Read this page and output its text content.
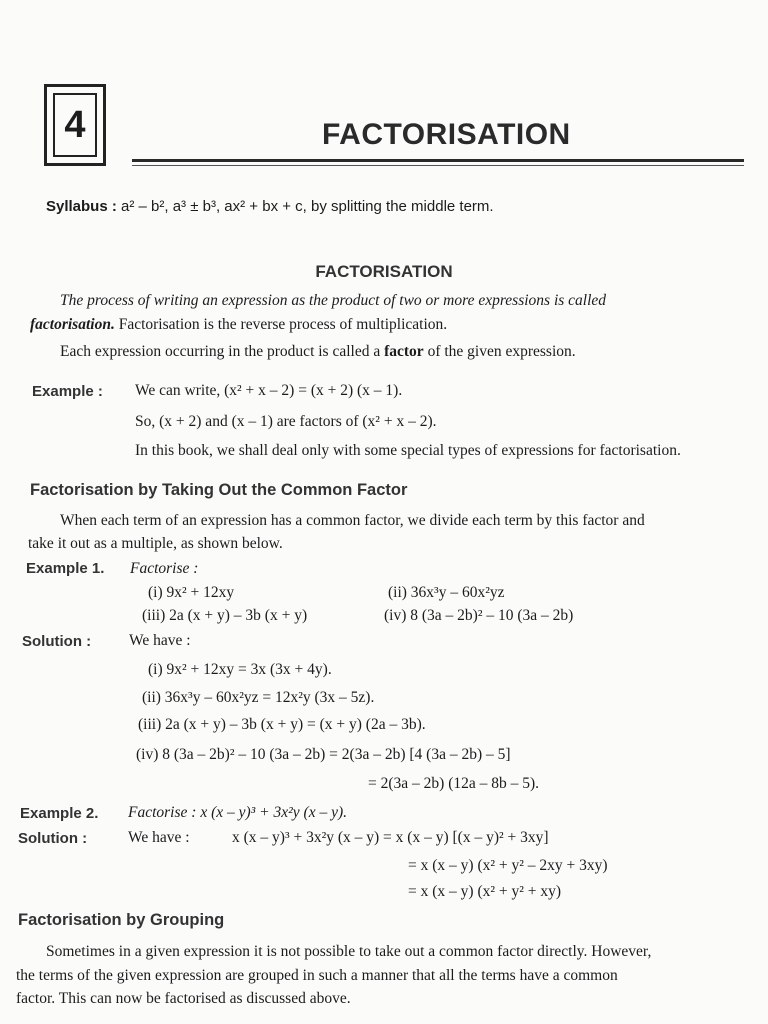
4	FACTORISATION
Syllabus : a² – b², a³ ± b³, ax² + bx + c, by splitting the middle term.
FACTORISATION
The process of writing an expression as the product of two or more expressions is called
factorisation. Factorisation is the reverse process of multiplication.
Each expression occurring in the product is called a factor of the given expression.
Example : We can write, (x² + x – 2) = (x + 2) (x – 1).
So, (x + 2) and (x – 1) are factors of (x² + x – 2).
In this book, we shall deal only with some special types of expressions for factorisation.
Factorisation by Taking Out the Common Factor
When each term of an expression has a common factor, we divide each term by this factor and
take it out as a multiple, as shown below.
Example 1. Factorise :
(i) 9x² + 12xy	(ii) 36x³y – 60x²yz
(iii) 2a (x + y) – 3b (x + y)	(iv) 8 (3a – 2b)² – 10 (3a – 2b)
Solution : We have :
(i) 9x² + 12xy = 3x (3x + 4y).
(ii) 36x³y – 60x²yz = 12x²y (3x – 5z).
(iii) 2a (x + y) – 3b (x + y) = (x + y) (2a – 3b).
(iv) 8 (3a – 2b)² – 10 (3a – 2b) = 2(3a – 2b) [4 (3a – 2b) – 5]
= 2(3a – 2b) (12a – 8b – 5).
Example 2. Factorise : x (x – y)³ + 3x²y (x – y).
Solution :	We have :	x (x – y)³ + 3x²y (x – y) = x (x – y) [(x – y)² + 3xy]
= x (x – y) (x² + y² – 2xy + 3xy)
= x (x – y) (x² + y² + xy)
Factorisation by Grouping
Sometimes in a given expression it is not possible to take out a common factor directly. However,
the terms of the given expression are grouped in such a manner that all the terms have a common
factor. This can now be factorised as discussed above.
